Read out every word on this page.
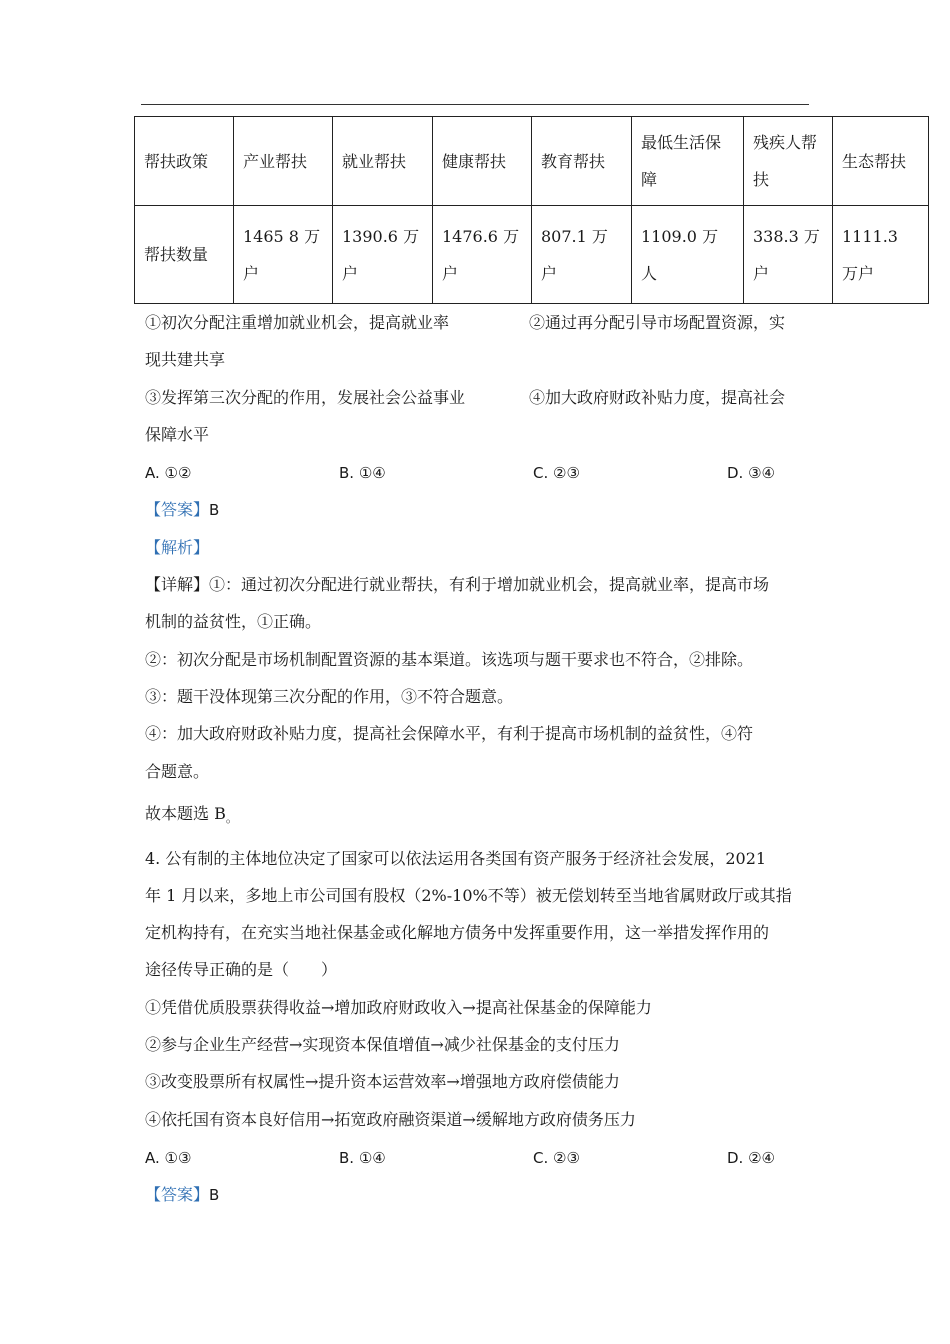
帮扶政策	产业帮扶	就业帮扶	健康帮扶	教育帮扶	最低生活保障	残疾人帮扶	生态帮扶
帮扶数量	1465 8 万户	1390.6 万户	1476.6 万户	807.1 万户	1109.0 万人	338.3 万户	1111.3 万户
①初次分配注重增加就业机会，提高就业率	②通过再分配引导市场配置资源，实
现共建共享
③发挥第三次分配的作用，发展社会公益事业	④加大政府财政补贴力度，提高社会
保障水平
A. ①②	B. ①④	C. ②③	D. ③④
【答案】B
【解析】
【详解】①：通过初次分配进行就业帮扶，有利于增加就业机会，提高就业率，提高市场
机制的益贫性，①正确。
②：初次分配是市场机制配置资源的基本渠道。该选项与题干要求也不符合，②排除。
③：题干没体现第三次分配的作用，③不符合题意。
④：加大政府财政补贴力度，提高社会保障水平，有利于提高市场机制的益贫性，④符
合题意。
故本题选 B。
4. 公有制的主体地位决定了国家可以依法运用各类国有资产服务于经济社会发展，2021
年 1 月以来，多地上市公司国有股权（2%-10%不等）被无偿划转至当地省属财政厅或其指
定机构持有，在充实当地社保基金或化解地方债务中发挥重要作用，这一举措发挥作用的
途径传导正确的是（　　）
①凭借优质股票获得收益→增加政府财政收入→提高社保基金的保障能力
②参与企业生产经营→实现资本保值增值→减少社保基金的支付压力
③改变股票所有权属性→提升资本运营效率→增强地方政府偿债能力
④依托国有资本良好信用→拓宽政府融资渠道→缓解地方政府债务压力
A. ①③	B. ①④	C. ②③	D. ②④
【答案】B
